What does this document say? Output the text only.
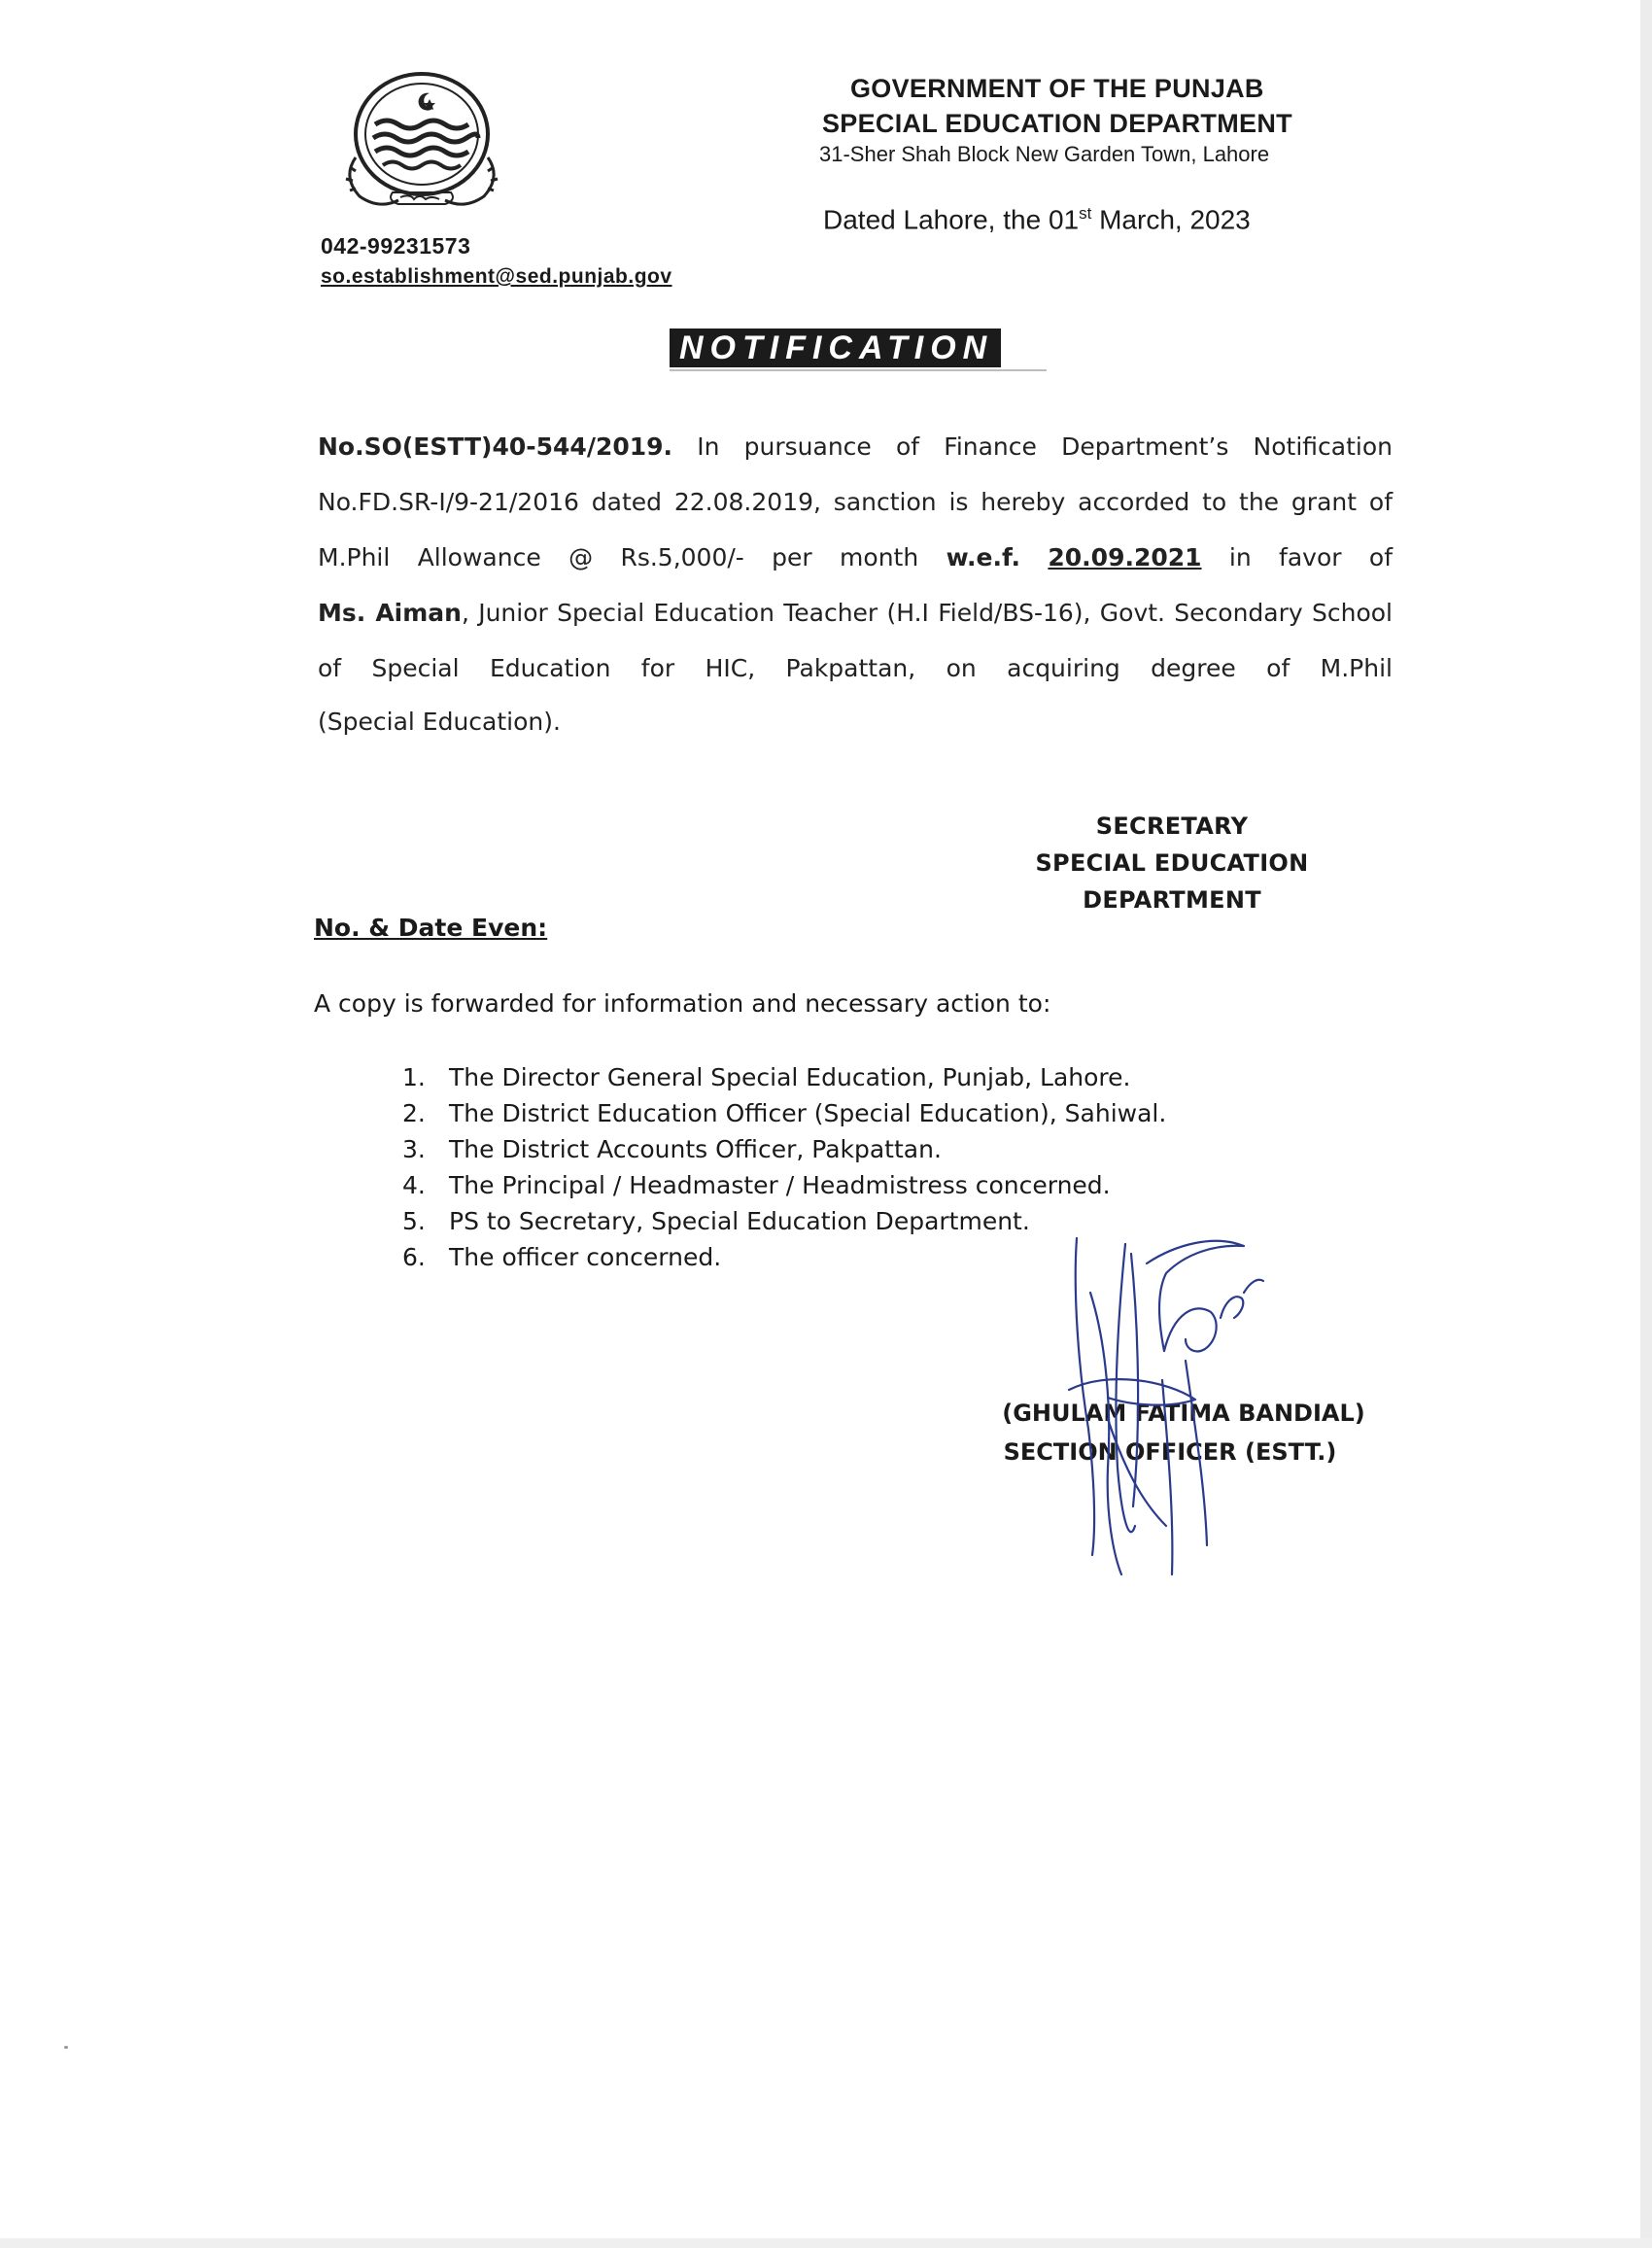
GOVERNMENT OF THE PUNJAB

SPECIAL EDUCATION DEPARTMENT

31-Sher Shah Block New Garden Town, Lahore

Dated Lahore, the 01st March, 2023

042-99231573

so.establishment@sed.punjab.gov

NOTIFICATION

No.SO(ESTT)40-544/2019. In pursuance of Finance Department’s Notification

No.FD.SR-I/9-21/2016 dated 22.08.2019, sanction is hereby accorded to the grant of

M.Phil Allowance @ Rs.5,000/- per month w.e.f. 20.09.2021 in favor of

Ms. Aiman, Junior Special Education Teacher (H.I Field/BS-16), Govt. Secondary School

of Special Education for HIC, Pakpattan, on acquiring degree of M.Phil

(Special Education).

SECRETARY
SPECIAL EDUCATION
DEPARTMENT

No. & Date Even:

A copy is forwarded for information and necessary action to:

1. The Director General Special Education, Punjab, Lahore.
2. The District Education Officer (Special Education), Sahiwal.
3. The District Accounts Officer, Pakpattan.
4. The Principal / Headmaster / Headmistress concerned.
5. PS to Secretary, Special Education Department.
6. The officer concerned.
(GHULAM FATIMA BANDIAL)
SECTION OFFICER (ESTT.)
